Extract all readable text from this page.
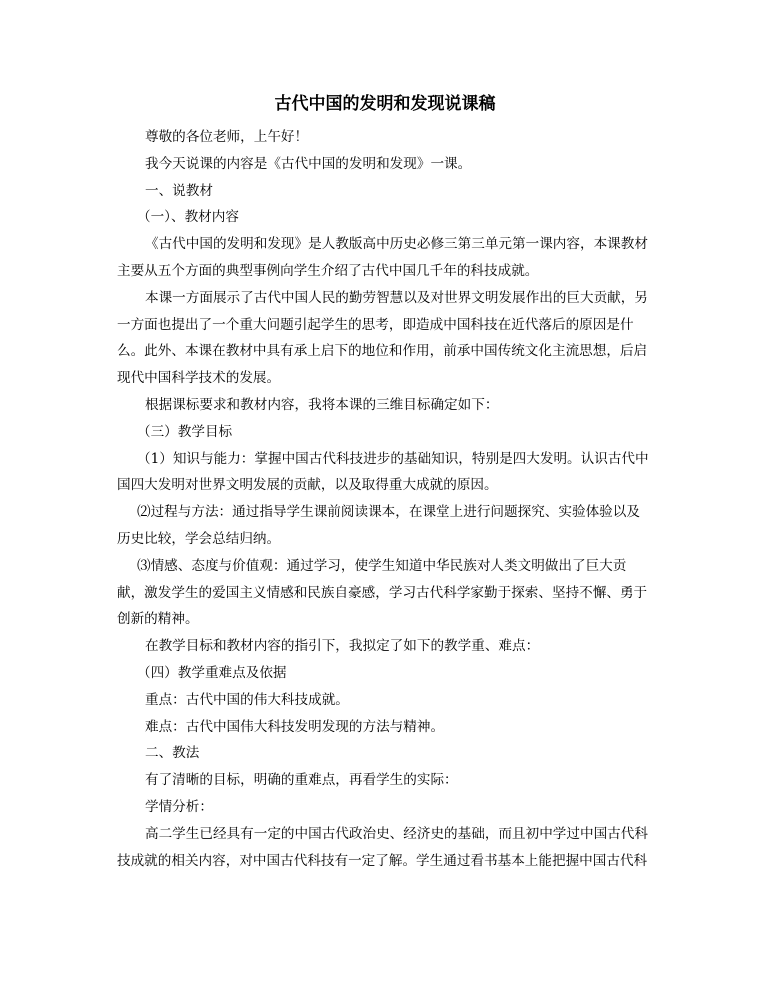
古代中国的发明和发现说课稿

尊敬的各位老师，上午好！

我今天说课的内容是《古代中国的发明和发现》一课。

一、说教材

（一）、教材内容

《古代中国的发明和发现》是人教版高中历史必修三第三单元第一课内容，本课教材

主要从五个方面的典型事例向学生介绍了古代中国几千年的科技成就。

本课一方面展示了古代中国人民的勤劳智慧以及对世界文明发展作出的巨大贡献，另

一方面也提出了一个重大问题引起学生的思考，即造成中国科技在近代落后的原因是什

么。此外、本课在教材中具有承上启下的地位和作用，前承中国传统文化主流思想，后启

现代中国科学技术的发展。

根据课标要求和教材内容，我将本课的三维目标确定如下：

（三）教学目标

（1）知识与能力：掌握中国古代科技进步的基础知识，特别是四大发明。认识古代中

国四大发明对世界文明发展的贡献，以及取得重大成就的原因。

⑵过程与方法：通过指导学生课前阅读课本，在课堂上进行问题探究、实验体验以及

历史比较，学会总结归纳。

⑶情感、态度与价值观：通过学习，使学生知道中华民族对人类文明做出了巨大贡

献，激发学生的爱国主义情感和民族自豪感，学习古代科学家勤于探索、坚持不懈、勇于

创新的精神。

在教学目标和教材内容的指引下，我拟定了如下的教学重、难点：

（四）教学重难点及依据

重点：古代中国的伟大科技成就。

难点：古代中国伟大科技发明发现的方法与精神。

二、教法

有了清晰的目标，明确的重难点，再看学生的实际：

学情分析：

高二学生已经具有一定的中国古代政治史、经济史的基础，而且初中学过中国古代科

技成就的相关内容，对中国古代科技有一定了解。学生通过看书基本上能把握中国古代科
